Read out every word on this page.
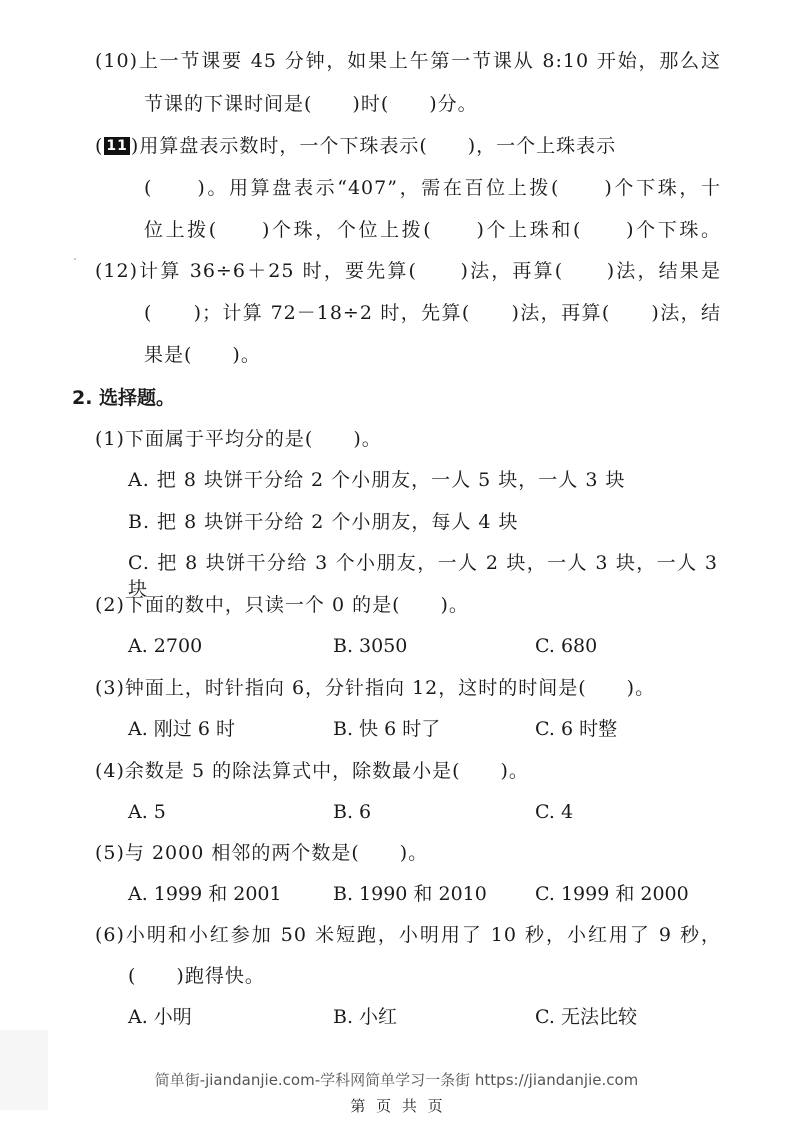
(10)上一节课要 45 分钟，如果上午第一节课从 8:10 开始，那么这
节课的下课时间是(　　)时(　　)分。
( 11 )用算盘表示数时，一个下珠表示(　　)，一个上珠表示
(　　)。用算盘表示“407”，需在百位上拨(　　)个下珠，十
位上拨(　　)个珠，个位上拨(　　)个上珠和(　　)个下珠。
(12)计算 36÷6＋25 时，要先算(　　)法，再算(　　)法，结果是
(　　)；计算 72－18÷2 时，先算(　　)法，再算(　　)法，结
果是(　　)。
2. 选择题。
(1)下面属于平均分的是(　　)。
A. 把 8 块饼干分给 2 个小朋友，一人 5 块，一人 3 块
B. 把 8 块饼干分给 2 个小朋友，每人 4 块
C. 把 8 块饼干分给 3 个小朋友，一人 2 块，一人 3 块，一人 3 块
(2)下面的数中，只读一个 0 的是(　　)。
A. 2700	B. 3050	C. 680
(3)钟面上，时针指向 6，分针指向 12，这时的时间是(　　)。
A. 刚过 6 时	B. 快 6 时了	C. 6 时整
(4)余数是 5 的除法算式中，除数最小是(　　)。
A. 5	B. 6	C. 4
(5)与 2000 相邻的两个数是(　　)。
A. 1999 和 2001	B. 1990 和 2010	C. 1999 和 2000
(6)小明和小红参加 50 米短跑，小明用了 10 秒，小红用了 9 秒，
(　　)跑得快。
A. 小明	B. 小红	C. 无法比较
简单街-jiandanjie.com-学科网简单学习一条街 https://jiandanjie.com
第 页 共 页
